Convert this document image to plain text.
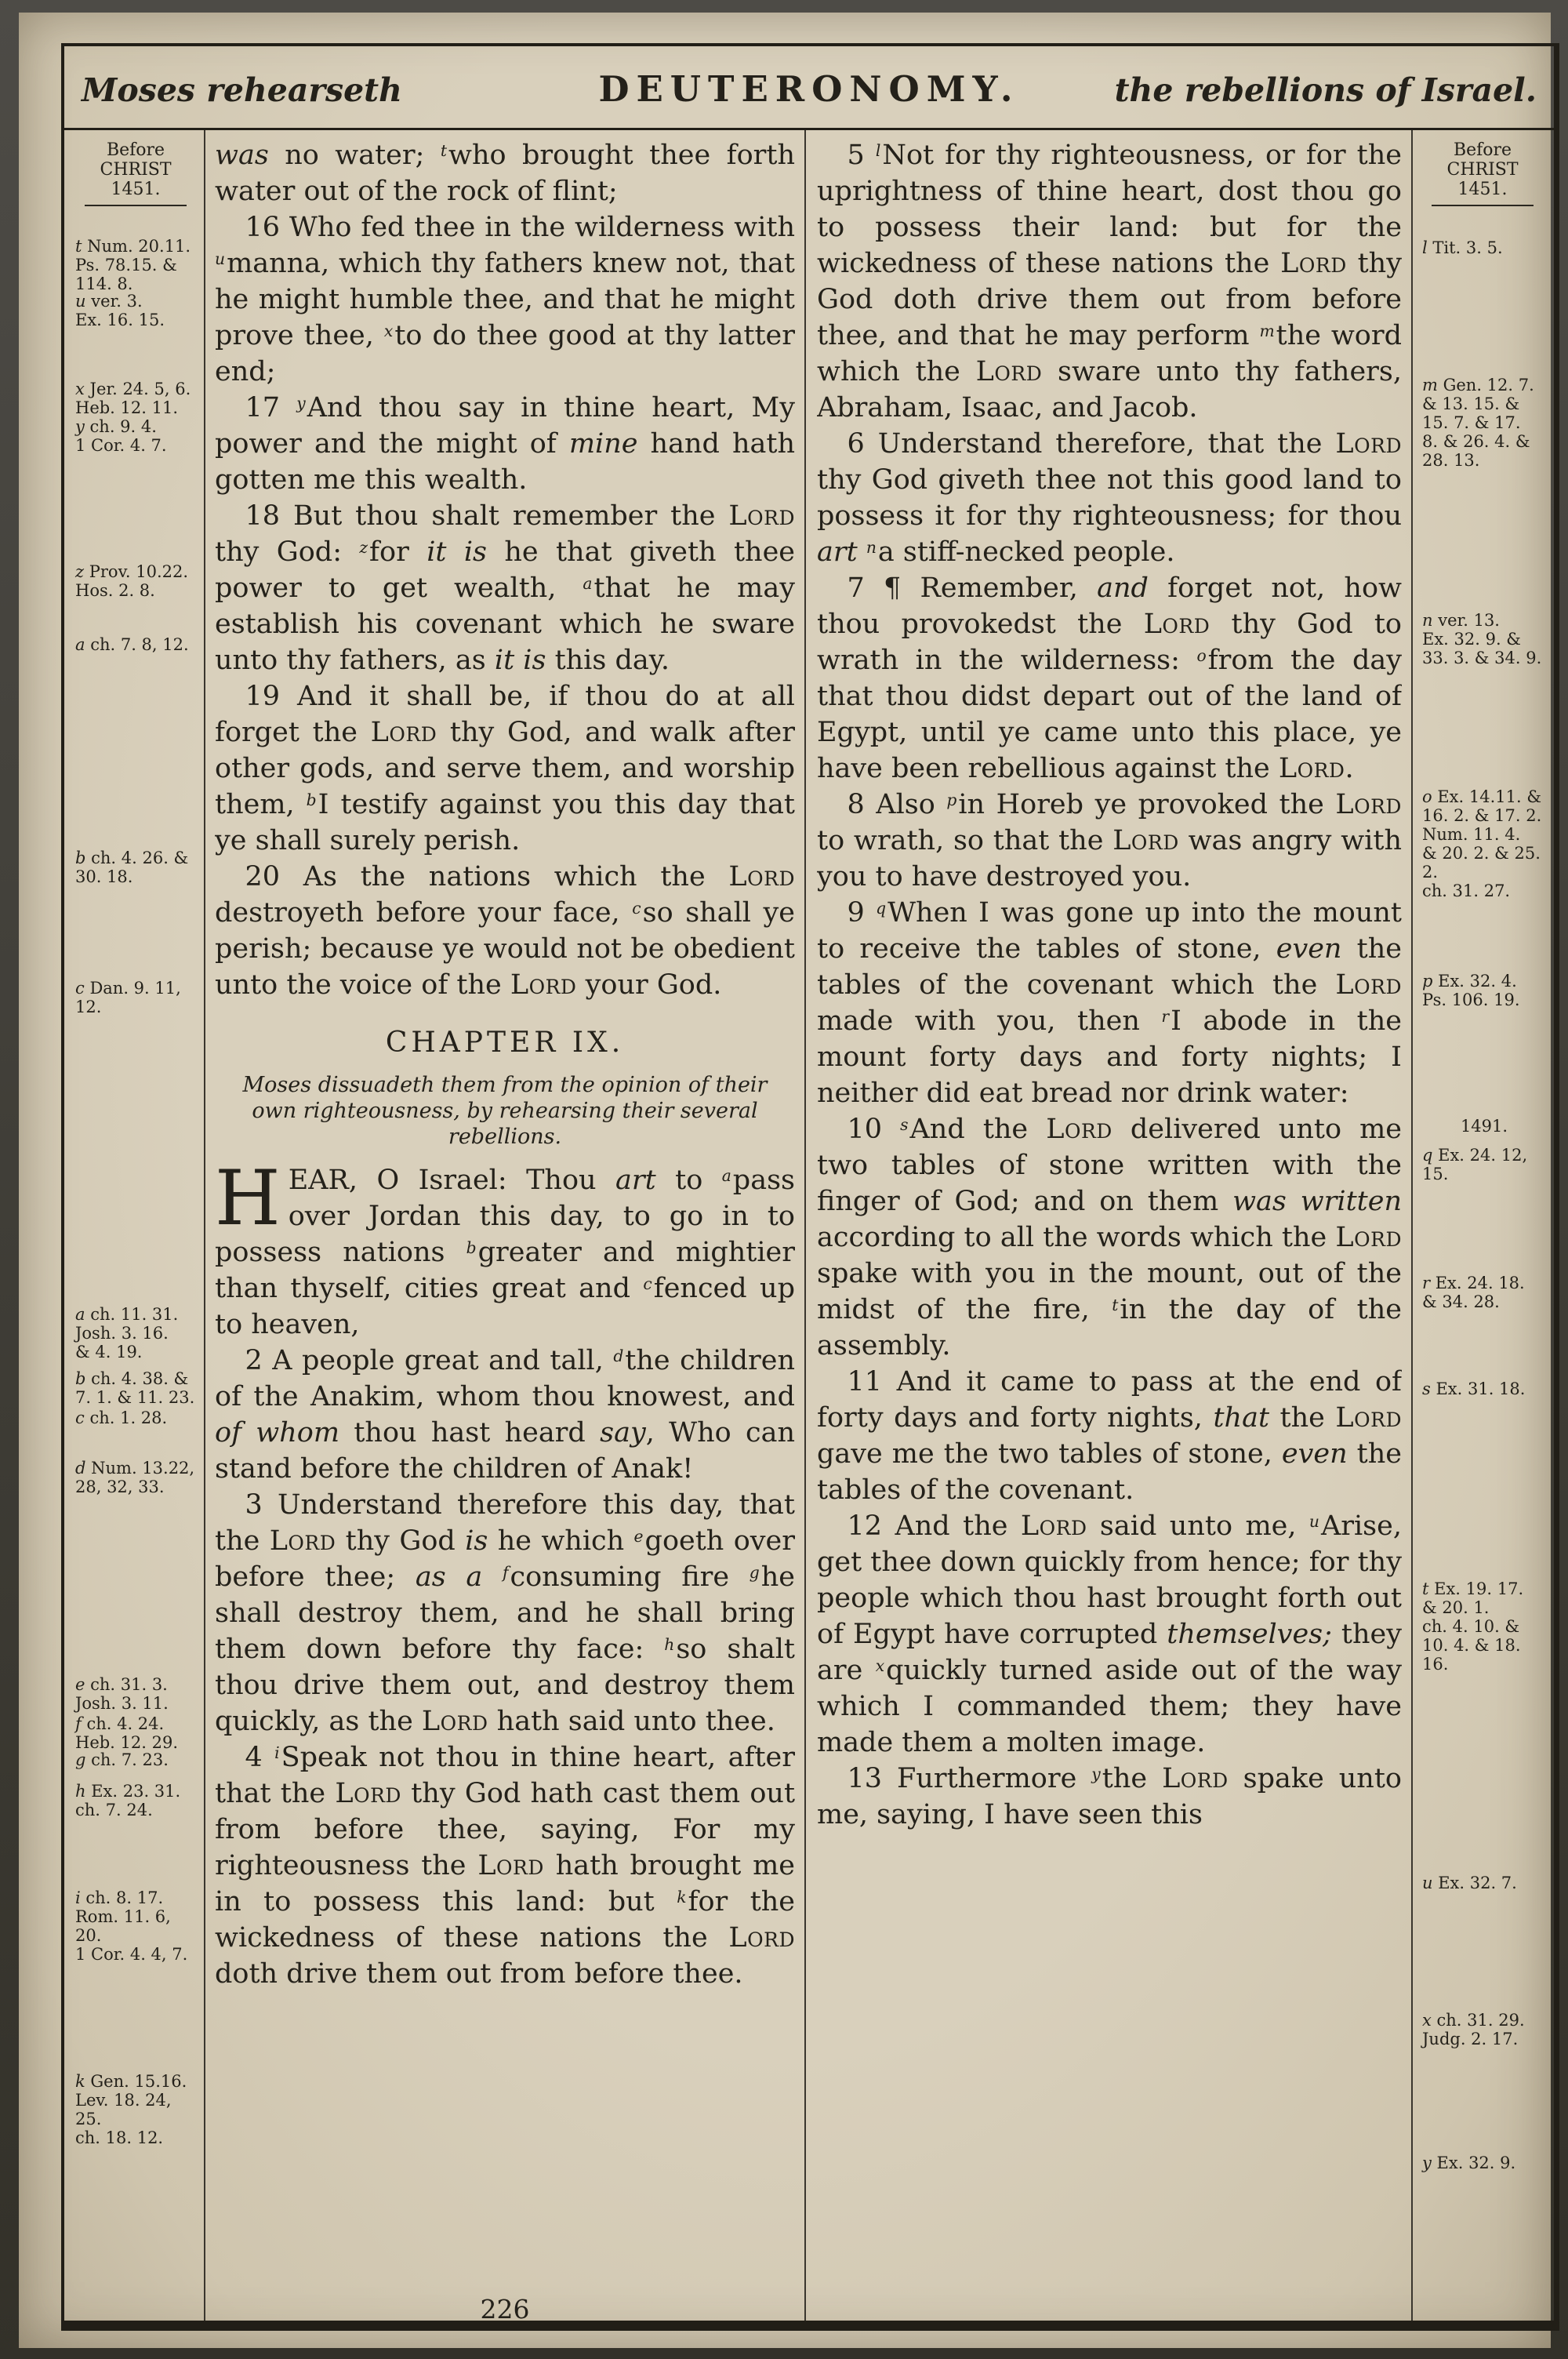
Moses rehearseth	DEUTERONOMY.	the rebellions of Israel.
Before
CHRIST
1451.
t Num. 20.11.
Ps. 78.15. &
114. 8.
u ver. 3.
Ex. 16. 15.
x Jer. 24. 5, 6.
Heb. 12. 11.
y ch. 9. 4.
1 Cor. 4. 7.
z Prov. 10.22.
Hos. 2. 8.
a ch. 7. 8, 12.
b ch. 4. 26. &
30. 18.
c Dan. 9. 11,
12.
a ch. 11. 31.
Josh. 3. 16.
& 4. 19.
b ch. 4. 38. &
7. 1. & 11. 23.
c ch. 1. 28.
d Num. 13.22,
28, 32, 33.
e ch. 31. 3.
Josh. 3. 11.
f ch. 4. 24.
Heb. 12. 29.
g ch. 7. 23.
h Ex. 23. 31.
ch. 7. 24.
i ch. 8. 17.
Rom. 11. 6,
20.
1 Cor. 4. 4, 7.
k Gen. 15.16.
Lev. 18. 24,
25.
ch. 18. 12.

was no water; $^t$who brought thee forth water out of the rock of flint;

16 Who fed thee in the wilderness with $^u$manna, which thy fathers knew not, that he might humble thee, and that he might prove thee, $^x$to do thee good at thy latter end;

17 $^y$And thou say in thine heart, My power and the might of mine hand hath gotten me this wealth.

18 But thou shalt remember the Lord thy God: $^z$for it is he that giveth thee power to get wealth, $^a$that he may establish his covenant which he sware unto thy fathers, as it is this day.

19 And it shall be, if thou do at all forget the Lord thy God, and walk after other gods, and serve them, and worship them, $^b$I testify against you this day that ye shall surely perish.

20 As the nations which the Lord destroyeth before your face, $^c$so shall ye perish; because ye would not be obedient unto the voice of the Lord your God.

CHAPTER IX.

Moses dissuadeth them from the opinion of their own righteousness, by rehearsing their several rebellions.

HEAR, O Israel: Thou art to $^a$pass over Jordan this day, to go in to possess nations $^b$greater and mightier than thyself, cities great and $^c$fenced up to heaven,

2 A people great and tall, $^d$the children of the Anakim, whom thou knowest, and of whom thou hast heard say, Who can stand before the children of Anak!

3 Understand therefore this day, that the Lord thy God is he which $^e$goeth over before thee; as a $^f$consuming fire $^g$he shall destroy them, and he shall bring them down before thy face: $^h$so shalt thou drive them out, and destroy them quickly, as the Lord hath said unto thee.

4 $^i$Speak not thou in thine heart, after that the Lord thy God hath cast them out from before thee, saying, For my righteousness the Lord hath brought me in to possess this land: but $^k$for the wickedness of these nations the Lord doth drive them out from before thee.

5 $^l$Not for thy righteousness, or for the uprightness of thine heart, dost thou go to possess their land: but for the wickedness of these nations the Lord thy God doth drive them out from before thee, and that he may perform $^m$the word which the Lord sware unto thy fathers, Abraham, Isaac, and Jacob.

6 Understand therefore, that the Lord thy God giveth thee not this good land to possess it for thy righteousness; for thou art $^n$a stiff-necked people.

7 ¶ Remember, and forget not, how thou provokedst the Lord thy God to wrath in the wilderness: $^o$from the day that thou didst depart out of the land of Egypt, until ye came unto this place, ye have been rebellious against the Lord.

8 Also $^p$in Horeb ye provoked the Lord to wrath, so that the Lord was angry with you to have destroyed you.

9 $^q$When I was gone up into the mount to receive the tables of stone, even the tables of the covenant which the Lord made with you, then $^r$I abode in the mount forty days and forty nights; I neither did eat bread nor drink water:

10 $^s$And the Lord delivered unto me two tables of stone written with the finger of God; and on them was written according to all the words which the Lord spake with you in the mount, out of the midst of the fire, $^t$in the day of the assembly.

11 And it came to pass at the end of forty days and forty nights, that the Lord gave me the two tables of stone, even the tables of the covenant.

12 And the Lord said unto me, $^u$Arise, get thee down quickly from hence; for thy people which thou hast brought forth out of Egypt have corrupted themselves; they are $^x$quickly turned aside out of the way which I commanded them; they have made them a molten image.

13 Furthermore $^y$the Lord spake unto me, saying, I have seen this

Before
CHRIST
1451.
l Tit. 3. 5.
m Gen. 12. 7.
& 13. 15. &
15. 7. & 17.
8. & 26. 4. &
28. 13.
n ver. 13.
Ex. 32. 9. &
33. 3. & 34. 9.
o Ex. 14.11. &
16. 2. & 17. 2.
Num. 11. 4.
& 20. 2. & 25.
2.
ch. 31. 27.
p Ex. 32. 4.
Ps. 106. 19.
1491.
q Ex. 24. 12,
15.
r Ex. 24. 18.
& 34. 28.
s Ex. 31. 18.
t Ex. 19. 17.
& 20. 1.
ch. 4. 10. &
10. 4. & 18.
16.
u Ex. 32. 7.
x ch. 31. 29.
Judg. 2. 17.
y Ex. 32. 9.
226
